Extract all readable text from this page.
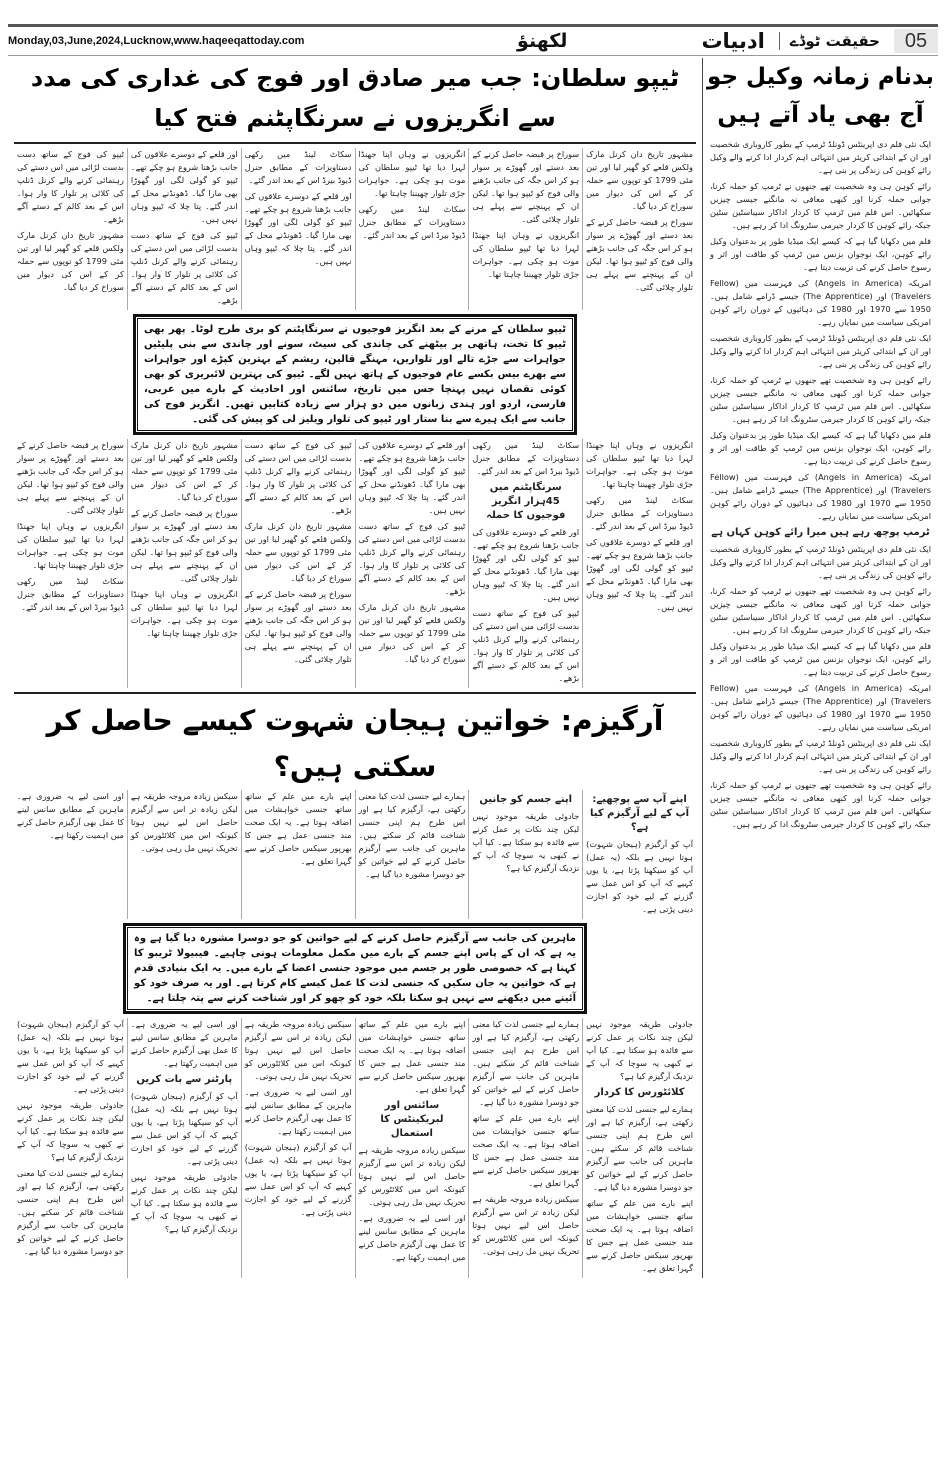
Monday,03,June,2024,Lucknow,www.haqeeqattoday.com	05
حقیقت ٹوڈے
ادبیات
لکھنؤ
بدنام زمانہ وکیل جو
آج بھی یاد آتے ہیں

ایک نئی فلم دی اپرینٹس ڈونلڈ ٹرمپ کے بطور کاروباری شخصیت اور ان کے ابتدائی کریئر میں انتہائی اہم کردار ادا کرتے والے وکیل رائے کوہن کی زندگی پر بنی ہے۔

رائے کوہن ہی وہ شخصیت تھے جنھوں نے ٹرمپ کو حملہ کرنا، جوابی حملہ کرنا اور کبھی معافی نہ مانگنے جیسی چیزیں سکھائیں۔ اس فلم میں ٹرمپ کا کردار اداکار سیباسٹین سٹین جبکہ رائے کوہن کا کردار جیرمی سٹرونگ ادا کر رہے ہیں۔

فلم میں دکھایا گیا ہے کہ کیسے ایک میڈیا طور پر بدعنوان وکیل رائے کوہن، ایک نوجوان بزنس مین ٹرمپ کو طاقت اور اثر و رسوخ حاصل کرنے کی تربیت دیتا ہے۔

امریکہ (Angels in America) کی فہرست میں (Fellow Travelers) اور (The Apprentice) جیسے ڈرامے شامل ہیں۔ 1950 سے 1970 اور 1980 کی دہائیوں کے دوران رائے کوہن امریکی سیاست میں نمایاں رہے۔

ایک نئی فلم دی اپرینٹس ڈونلڈ ٹرمپ کے بطور کاروباری شخصیت اور ان کے ابتدائی کریئر میں انتہائی اہم کردار ادا کرتے والے وکیل رائے کوہن کی زندگی پر بنی ہے۔

رائے کوہن ہی وہ شخصیت تھے جنھوں نے ٹرمپ کو حملہ کرنا، جوابی حملہ کرنا اور کبھی معافی نہ مانگنے جیسی چیزیں سکھائیں۔ اس فلم میں ٹرمپ کا کردار اداکار سیباسٹین سٹین جبکہ رائے کوہن کا کردار جیرمی سٹرونگ ادا کر رہے ہیں۔

فلم میں دکھایا گیا ہے کہ کیسے ایک میڈیا طور پر بدعنوان وکیل رائے کوہن، ایک نوجوان بزنس مین ٹرمپ کو طاقت اور اثر و رسوخ حاصل کرنے کی تربیت دیتا ہے۔

امریکہ (Angels in America) کی فہرست میں (Fellow Travelers) اور (The Apprentice) جیسے ڈرامے شامل ہیں۔ 1950 سے 1970 اور 1980 کی دہائیوں کے دوران رائے کوہن امریکی سیاست میں نمایاں رہے۔

ٹرمپ پوچھ رہے ہیں میرا رائے کوہن کہاں ہے

ایک نئی فلم دی اپرینٹس ڈونلڈ ٹرمپ کے بطور کاروباری شخصیت اور ان کے ابتدائی کریئر میں انتہائی اہم کردار ادا کرتے والے وکیل رائے کوہن کی زندگی پر بنی ہے۔

رائے کوہن ہی وہ شخصیت تھے جنھوں نے ٹرمپ کو حملہ کرنا، جوابی حملہ کرنا اور کبھی معافی نہ مانگنے جیسی چیزیں سکھائیں۔ اس فلم میں ٹرمپ کا کردار اداکار سیباسٹین سٹین جبکہ رائے کوہن کا کردار جیرمی سٹرونگ ادا کر رہے ہیں۔

فلم میں دکھایا گیا ہے کہ کیسے ایک میڈیا طور پر بدعنوان وکیل رائے کوہن، ایک نوجوان بزنس مین ٹرمپ کو طاقت اور اثر و رسوخ حاصل کرنے کی تربیت دیتا ہے۔

امریکہ (Angels in America) کی فہرست میں (Fellow Travelers) اور (The Apprentice) جیسے ڈرامے شامل ہیں۔ 1950 سے 1970 اور 1980 کی دہائیوں کے دوران رائے کوہن امریکی سیاست میں نمایاں رہے۔

ایک نئی فلم دی اپرینٹس ڈونلڈ ٹرمپ کے بطور کاروباری شخصیت اور ان کے ابتدائی کریئر میں انتہائی اہم کردار ادا کرتے والے وکیل رائے کوہن کی زندگی پر بنی ہے۔

رائے کوہن ہی وہ شخصیت تھے جنھوں نے ٹرمپ کو حملہ کرنا، جوابی حملہ کرنا اور کبھی معافی نہ مانگنے جیسی چیزیں سکھائیں۔ اس فلم میں ٹرمپ کا کردار اداکار سیباسٹین سٹین جبکہ رائے کوہن کا کردار جیرمی سٹرونگ ادا کر رہے ہیں۔

ٹیپو سلطان: جب میر صادق اور فوج کی غداری کی مدد سے انگریزوں نے سرنگاپٹنم فتح کیا

مشہور تاریخ دان کرنل مارک ولکس قلعے کو گھیر لیا اور تین مئی 1799 کو توپوں سے حملہ کر کے اس کی دیوار میں سوراخ کر دیا گیا۔

سوراخ پر قبضہ حاصل کرنے کے بعد دستے اور گھوڑے پر سوار ہو کر اس جگہ کی جانب بڑھنے والی فوج کو ٹیپو ہوا تھا۔ لیکن ان کے پہنچنے سے پہلے ہی تلوار چلائی گئی۔

سوراخ پر قبضہ حاصل کرنے کے بعد دستے اور گھوڑے پر سوار ہو کر اس جگہ کی جانب بڑھنے والی فوج کو ٹیپو ہوا تھا۔ لیکن ان کے پہنچنے سے پہلے ہی تلوار چلائی گئی۔

انگریزوں نے وہاں اپنا جھنڈا لہرا دیا تھا ٹیپو سلطان کی موت ہو چکی ہے۔ جواہرات جڑی تلوار چھیننا چاہتا تھا۔

انگریزوں نے وہاں اپنا جھنڈا لہرا دیا تھا ٹیپو سلطان کی موت ہو چکی ہے۔ جواہرات جڑی تلوار چھیننا چاہتا تھا۔

سکاٹ لینڈ میں رکھی دستاویزات کے مطابق جنرل ڈیوڈ بیرڈ اس کے بعد اندر گئے۔

سکاٹ لینڈ میں رکھی دستاویزات کے مطابق جنرل ڈیوڈ بیرڈ اس کے بعد اندر گئے۔

اور قلعے کے دوسرے علاقوں کی جانب بڑھنا شروع ہو چکے تھے۔ ٹیپو کو گولی لگی اور گھوڑا بھی مارا گیا۔ ڈھونڈنے محل کے اندر گئے۔ پتا چلا کہ ٹیپو وہاں نہیں ہیں۔

اور قلعے کے دوسرے علاقوں کی جانب بڑھنا شروع ہو چکے تھے۔ ٹیپو کو گولی لگی اور گھوڑا بھی مارا گیا۔ ڈھونڈنے محل کے اندر گئے۔ پتا چلا کہ ٹیپو وہاں نہیں ہیں۔

ٹیپو کی فوج کے ساتھ دست بدست لڑائی میں اس دستے کی رہنمائی کرنے والے کرنل ڈنلپ کی کلائی پر تلوار کا وار ہوا۔ اس کے بعد کالم کے دستے آگے بڑھے۔

ٹیپو کی فوج کے ساتھ دست بدست لڑائی میں اس دستے کی رہنمائی کرنے والے کرنل ڈنلپ کی کلائی پر تلوار کا وار ہوا۔ اس کے بعد کالم کے دستے آگے بڑھے۔

مشہور تاریخ دان کرنل مارک ولکس قلعے کو گھیر لیا اور تین مئی 1799 کو توپوں سے حملہ کر کے اس کی دیوار میں سوراخ کر دیا گیا۔

ٹیپو سلطان کے مرنے کے بعد انگریز فوجیوں نے سرنگاپٹنم کو بری طرح لوٹا۔ پھر بھی ٹیپو کا تخت، ہاتھی پر بیٹھنے کی چاندی کی سیٹ، سونے اور چاندی سے بنی پلیٹیں جواہرات سے جڑے تالے اور تلواریں، مہنگے قالین، ریشم کے بہترین کپڑے اور جواہرات سے بھرے بیس بکسے عام فوجیوں کے ہاتھ نہیں لگے۔ ٹیپو کی بہترین لائبریری کو بھی کوئی نقصان نہیں پہنچا جس میں تاریخ، سائنس اور احادیث کے بارے میں عربی، فارسی، اردو اور ہندی زبانوں میں دو ہزار سے زیادہ کتابیں تھیں۔ انگریز فوج کی جانب سے ایک ہیرے سے بنا ستار اور ٹیپو کی تلوار ویلیز لی کو پیش کی گئی۔

انگریزوں نے وہاں اپنا جھنڈا لہرا دیا تھا ٹیپو سلطان کی موت ہو چکی ہے۔ جواہرات جڑی تلوار چھیننا چاہتا تھا۔

سکاٹ لینڈ میں رکھی دستاویزات کے مطابق جنرل ڈیوڈ بیرڈ اس کے بعد اندر گئے۔

اور قلعے کے دوسرے علاقوں کی جانب بڑھنا شروع ہو چکے تھے۔ ٹیپو کو گولی لگی اور گھوڑا بھی مارا گیا۔ ڈھونڈنے محل کے اندر گئے۔ پتا چلا کہ ٹیپو وہاں نہیں ہیں۔

سکاٹ لینڈ میں رکھی دستاویزات کے مطابق جنرل ڈیوڈ بیرڈ اس کے بعد اندر گئے۔

سرنگاپٹنم میں 45ہزار انگریز فوجیوں کا حملہ

اور قلعے کے دوسرے علاقوں کی جانب بڑھنا شروع ہو چکے تھے۔ ٹیپو کو گولی لگی اور گھوڑا بھی مارا گیا۔ ڈھونڈنے محل کے اندر گئے۔ پتا چلا کہ ٹیپو وہاں نہیں ہیں۔

ٹیپو کی فوج کے ساتھ دست بدست لڑائی میں اس دستے کی رہنمائی کرنے والے کرنل ڈنلپ کی کلائی پر تلوار کا وار ہوا۔ اس کے بعد کالم کے دستے آگے بڑھے۔

اور قلعے کے دوسرے علاقوں کی جانب بڑھنا شروع ہو چکے تھے۔ ٹیپو کو گولی لگی اور گھوڑا بھی مارا گیا۔ ڈھونڈنے محل کے اندر گئے۔ پتا چلا کہ ٹیپو وہاں نہیں ہیں۔

ٹیپو کی فوج کے ساتھ دست بدست لڑائی میں اس دستے کی رہنمائی کرنے والے کرنل ڈنلپ کی کلائی پر تلوار کا وار ہوا۔ اس کے بعد کالم کے دستے آگے بڑھے۔

مشہور تاریخ دان کرنل مارک ولکس قلعے کو گھیر لیا اور تین مئی 1799 کو توپوں سے حملہ کر کے اس کی دیوار میں سوراخ کر دیا گیا۔

ٹیپو کی فوج کے ساتھ دست بدست لڑائی میں اس دستے کی رہنمائی کرنے والے کرنل ڈنلپ کی کلائی پر تلوار کا وار ہوا۔ اس کے بعد کالم کے دستے آگے بڑھے۔

مشہور تاریخ دان کرنل مارک ولکس قلعے کو گھیر لیا اور تین مئی 1799 کو توپوں سے حملہ کر کے اس کی دیوار میں سوراخ کر دیا گیا۔

سوراخ پر قبضہ حاصل کرنے کے بعد دستے اور گھوڑے پر سوار ہو کر اس جگہ کی جانب بڑھنے والی فوج کو ٹیپو ہوا تھا۔ لیکن ان کے پہنچنے سے پہلے ہی تلوار چلائی گئی۔

مشہور تاریخ دان کرنل مارک ولکس قلعے کو گھیر لیا اور تین مئی 1799 کو توپوں سے حملہ کر کے اس کی دیوار میں سوراخ کر دیا گیا۔

سوراخ پر قبضہ حاصل کرنے کے بعد دستے اور گھوڑے پر سوار ہو کر اس جگہ کی جانب بڑھنے والی فوج کو ٹیپو ہوا تھا۔ لیکن ان کے پہنچنے سے پہلے ہی تلوار چلائی گئی۔

انگریزوں نے وہاں اپنا جھنڈا لہرا دیا تھا ٹیپو سلطان کی موت ہو چکی ہے۔ جواہرات جڑی تلوار چھیننا چاہتا تھا۔

سوراخ پر قبضہ حاصل کرنے کے بعد دستے اور گھوڑے پر سوار ہو کر اس جگہ کی جانب بڑھنے والی فوج کو ٹیپو ہوا تھا۔ لیکن ان کے پہنچنے سے پہلے ہی تلوار چلائی گئی۔

انگریزوں نے وہاں اپنا جھنڈا لہرا دیا تھا ٹیپو سلطان کی موت ہو چکی ہے۔ جواہرات جڑی تلوار چھیننا چاہتا تھا۔

سکاٹ لینڈ میں رکھی دستاویزات کے مطابق جنرل ڈیوڈ بیرڈ اس کے بعد اندر گئے۔

آرگیزم: خواتین ہیجان شہوت کیسے حاصل کر سکتی ہیں؟
اپنے آپ سے پوچھیے: آپ کے لیے آرگیزم کیا ہے؟

آپ کو آرگیزم (ہیجان شہوت) ہوتا نہیں ہے بلکہ (یہ عمل) آپ کو سیکھنا پڑتا ہے، یا یوں کہیے کہ آپ کو اس عمل سے گزرنے کے لیے خود کو اجازت دینی پڑتی ہے۔

اپنے جسم کو جانیں

جادوئی طریقہ موجود نہیں لیکن چند نکات پر عمل کرنے سے فائدہ ہو سکتا ہے۔ کیا آپ نے کبھی یہ سوچا کہ آپ کے نزدیک آرگیزم کیا ہے؟

ہمارے لیے جنسی لذت کیا معنی رکھتی ہے، آرگیزم کیا ہے اور اس طرح ہم اپنی جنسی شناخت قائم کر سکتے ہیں۔ ماہرین کی جانب سے آرگیزم حاصل کرنے کے لیے خواتین کو جو دوسرا مشورہ دیا گیا ہے۔

اپنے بارے میں علم کے ساتھ ساتھ جنسی خواہشات میں اضافہ ہوتا ہے۔ یہ ایک صحت مند جنسی عمل ہے جس کا بھرپور سیکس حاصل کرنے سے گہرا تعلق ہے۔

سیکس زیادہ مروجہ طریقہ ہے لیکن زیادہ تر اس سے آرگیزم حاصل اس لیے نہیں ہوتا کیونکہ اس میں کلائٹورس کو تحریک نہیں مل رہی ہوتی۔

اور اسی لیے یہ ضروری ہے۔ ماہرین کے مطابق سانس لینے کا عمل بھی آرگیزم حاصل کرنے میں اہمیت رکھتا ہے۔

ماہرین کی جانب سے آرگیزم حاصل کرنے کے لیے خواتین کو جو دوسرا مشورہ دیا گیا ہے وہ یہ ہے کہ ان کے پاس اپنے جسم کے بارے میں مکمل معلومات ہونی چاہیے۔ فیبیولا ٹریبو کا کہنا ہے کہ خصوصی طور پر جسم میں موجود جنسی اعضا کے بارے میں۔ یہ ایک بنیادی قدم ہے کہ خواتین یہ جان سکیں کہ جنسی لذت کا عمل کیسے کام کرتا ہے۔ اور یہ صرف خود کو آئینے میں دیکھنے سے نہیں ہو سکتا بلکہ خود کو چھو کر اور شناخت کرنے سے پتہ چلتا ہے۔

جادوئی طریقہ موجود نہیں لیکن چند نکات پر عمل کرنے سے فائدہ ہو سکتا ہے۔ کیا آپ نے کبھی یہ سوچا کہ آپ کے نزدیک آرگیزم کیا ہے؟

کلائٹورس کا کردار

ہمارے لیے جنسی لذت کیا معنی رکھتی ہے، آرگیزم کیا ہے اور اس طرح ہم اپنی جنسی شناخت قائم کر سکتے ہیں۔ ماہرین کی جانب سے آرگیزم حاصل کرنے کے لیے خواتین کو جو دوسرا مشورہ دیا گیا ہے۔

اپنے بارے میں علم کے ساتھ ساتھ جنسی خواہشات میں اضافہ ہوتا ہے۔ یہ ایک صحت مند جنسی عمل ہے جس کا بھرپور سیکس حاصل کرنے سے گہرا تعلق ہے۔

ہمارے لیے جنسی لذت کیا معنی رکھتی ہے، آرگیزم کیا ہے اور اس طرح ہم اپنی جنسی شناخت قائم کر سکتے ہیں۔ ماہرین کی جانب سے آرگیزم حاصل کرنے کے لیے خواتین کو جو دوسرا مشورہ دیا گیا ہے۔

اپنے بارے میں علم کے ساتھ ساتھ جنسی خواہشات میں اضافہ ہوتا ہے۔ یہ ایک صحت مند جنسی عمل ہے جس کا بھرپور سیکس حاصل کرنے سے گہرا تعلق ہے۔

سیکس زیادہ مروجہ طریقہ ہے لیکن زیادہ تر اس سے آرگیزم حاصل اس لیے نہیں ہوتا کیونکہ اس میں کلائٹورس کو تحریک نہیں مل رہی ہوتی۔

اپنے بارے میں علم کے ساتھ ساتھ جنسی خواہشات میں اضافہ ہوتا ہے۔ یہ ایک صحت مند جنسی عمل ہے جس کا بھرپور سیکس حاصل کرنے سے گہرا تعلق ہے۔

سائنس اور لبریکینٹس کا استعمال

سیکس زیادہ مروجہ طریقہ ہے لیکن زیادہ تر اس سے آرگیزم حاصل اس لیے نہیں ہوتا کیونکہ اس میں کلائٹورس کو تحریک نہیں مل رہی ہوتی۔

اور اسی لیے یہ ضروری ہے۔ ماہرین کے مطابق سانس لینے کا عمل بھی آرگیزم حاصل کرنے میں اہمیت رکھتا ہے۔

سیکس زیادہ مروجہ طریقہ ہے لیکن زیادہ تر اس سے آرگیزم حاصل اس لیے نہیں ہوتا کیونکہ اس میں کلائٹورس کو تحریک نہیں مل رہی ہوتی۔

اور اسی لیے یہ ضروری ہے۔ ماہرین کے مطابق سانس لینے کا عمل بھی آرگیزم حاصل کرنے میں اہمیت رکھتا ہے۔

آپ کو آرگیزم (ہیجان شہوت) ہوتا نہیں ہے بلکہ (یہ عمل) آپ کو سیکھنا پڑتا ہے، یا یوں کہیے کہ آپ کو اس عمل سے گزرنے کے لیے خود کو اجازت دینی پڑتی ہے۔

اور اسی لیے یہ ضروری ہے۔ ماہرین کے مطابق سانس لینے کا عمل بھی آرگیزم حاصل کرنے میں اہمیت رکھتا ہے۔

پارٹنر سے بات کریں

آپ کو آرگیزم (ہیجان شہوت) ہوتا نہیں ہے بلکہ (یہ عمل) آپ کو سیکھنا پڑتا ہے، یا یوں کہیے کہ آپ کو اس عمل سے گزرنے کے لیے خود کو اجازت دینی پڑتی ہے۔

جادوئی طریقہ موجود نہیں لیکن چند نکات پر عمل کرنے سے فائدہ ہو سکتا ہے۔ کیا آپ نے کبھی یہ سوچا کہ آپ کے نزدیک آرگیزم کیا ہے؟

آپ کو آرگیزم (ہیجان شہوت) ہوتا نہیں ہے بلکہ (یہ عمل) آپ کو سیکھنا پڑتا ہے، یا یوں کہیے کہ آپ کو اس عمل سے گزرنے کے لیے خود کو اجازت دینی پڑتی ہے۔

جادوئی طریقہ موجود نہیں لیکن چند نکات پر عمل کرنے سے فائدہ ہو سکتا ہے۔ کیا آپ نے کبھی یہ سوچا کہ آپ کے نزدیک آرگیزم کیا ہے؟

ہمارے لیے جنسی لذت کیا معنی رکھتی ہے، آرگیزم کیا ہے اور اس طرح ہم اپنی جنسی شناخت قائم کر سکتے ہیں۔ ماہرین کی جانب سے آرگیزم حاصل کرنے کے لیے خواتین کو جو دوسرا مشورہ دیا گیا ہے۔
